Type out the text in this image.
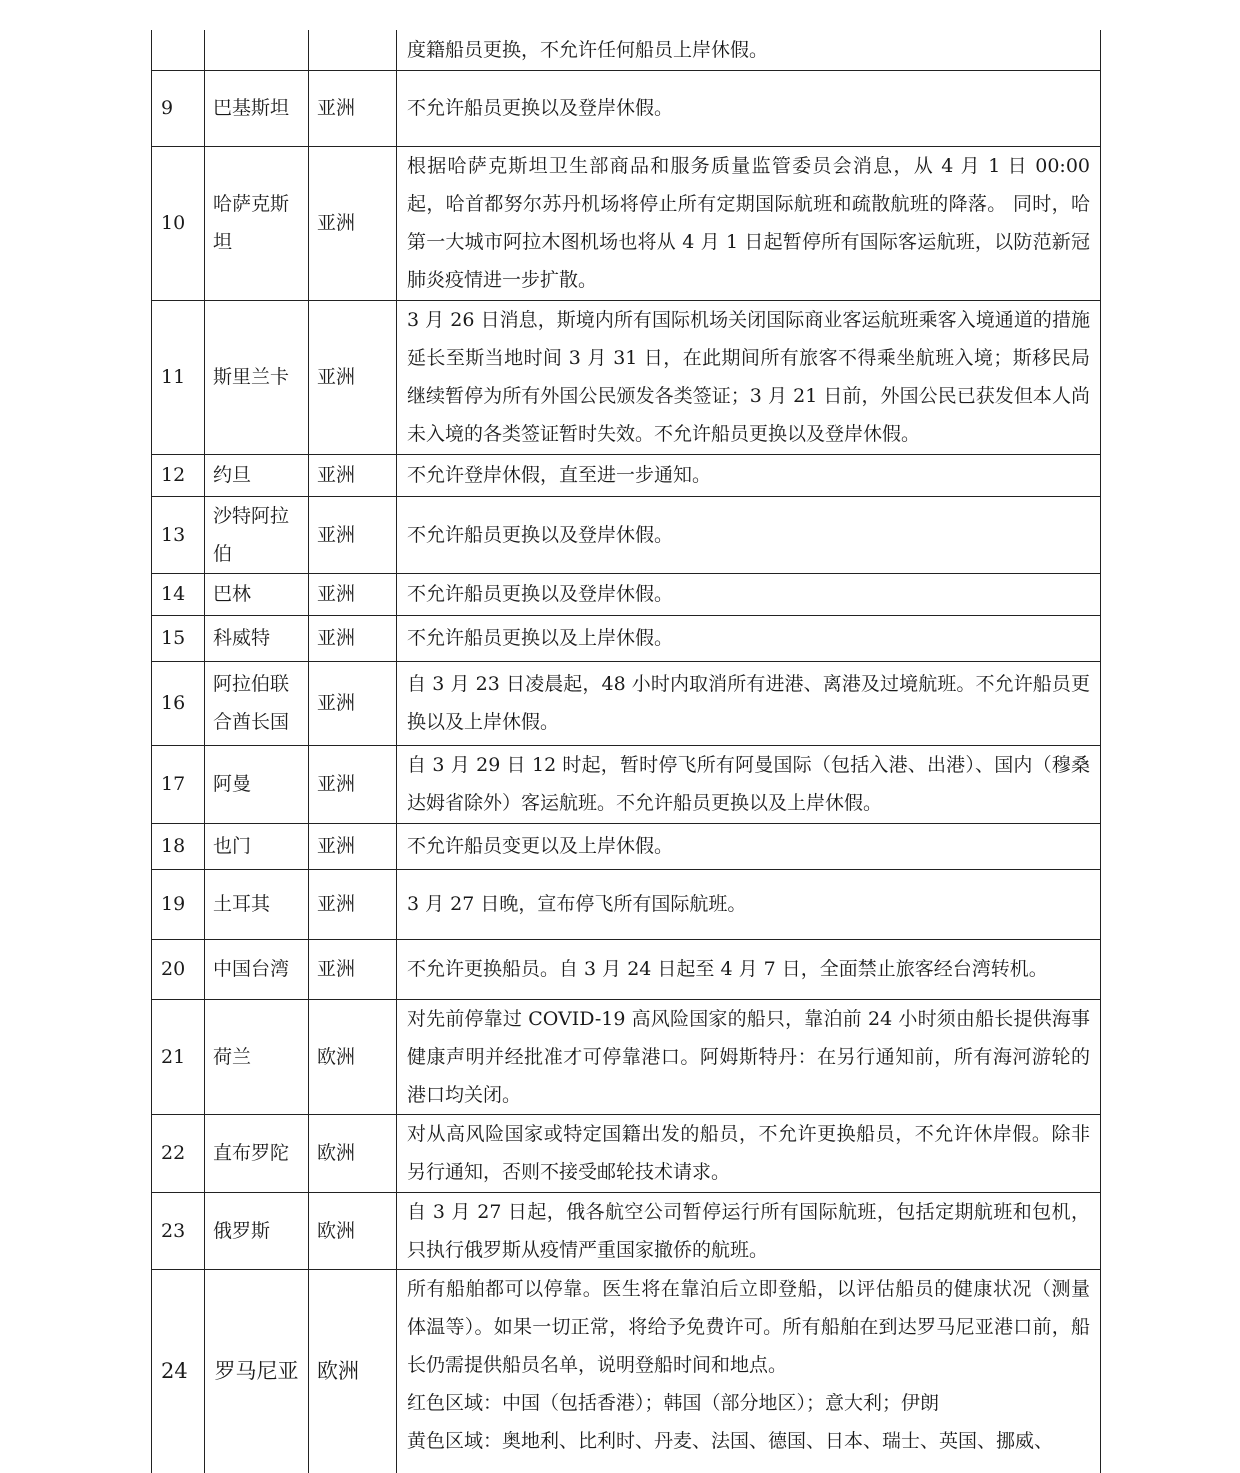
			度籍船员更换，不允许任何船员上岸休假。
9	巴基斯坦	亚洲	不允许船员更换以及登岸休假。
10	哈萨克斯坦	亚洲	根据哈萨克斯坦卫生部商品和服务质量监管委员会消息，从 4 月 1 日 00:00 起，哈首都努尔苏丹机场将停止所有定期国际航班和疏散航班的降落。 同时，哈第一大城市阿拉木图机场也将从 4 月 1 日起暂停所有国际客运航班，以防范新冠肺炎疫情进一步扩散。
11	斯里兰卡	亚洲	3 月 26 日消息，斯境内所有国际机场关闭国际商业客运航班乘客入境通道的措施延长至斯当地时间 3 月 31 日，在此期间所有旅客不得乘坐航班入境；斯移民局继续暂停为所有外国公民颁发各类签证；3 月 21 日前，外国公民已获发但本人尚未入境的各类签证暂时失效。不允许船员更换以及登岸休假。
12	约旦	亚洲	不允许登岸休假，直至进一步通知。
13	沙特阿拉伯	亚洲	不允许船员更换以及登岸休假。
14	巴林	亚洲	不允许船员更换以及登岸休假。
15	科威特	亚洲	不允许船员更换以及上岸休假。
16	阿拉伯联合酋长国	亚洲	自 3 月 23 日凌晨起，48 小时内取消所有进港、离港及过境航班。不允许船员更换以及上岸休假。
17	阿曼	亚洲	自 3 月 29 日 12 时起，暂时停飞所有阿曼国际（包括入港、出港）、国内（穆桑达姆省除外）客运航班。不允许船员更换以及上岸休假。
18	也门	亚洲	不允许船员变更以及上岸休假。
19	土耳其	亚洲	3 月 27 日晚，宣布停飞所有国际航班。
20	中国台湾	亚洲	不允许更换船员。自 3 月 24 日起至 4 月 7 日，全面禁止旅客经台湾转机。
21	荷兰	欧洲	对先前停靠过 COVID-19 高风险国家的船只，靠泊前 24 小时须由船长提供海事健康声明并经批准才可停靠港口。阿姆斯特丹：在另行通知前，所有海河游轮的港口均关闭。
22	直布罗陀	欧洲	对从高风险国家或特定国籍出发的船员，不允许更换船员，不允许休岸假。除非另行通知，否则不接受邮轮技术请求。
23	俄罗斯	欧洲	自 3 月 27 日起，俄各航空公司暂停运行所有国际航班，包括定期航班和包机，只执行俄罗斯从疫情严重国家撤侨的航班。
24	罗马尼亚	欧洲	所有船舶都可以停靠。医生将在靠泊后立即登船，以评估船员的健康状况（测量体温等）。如果一切正常，将给予免费许可。所有船舶在到达罗马尼亚港口前，船长仍需提供船员名单，说明登船时间和地点。
红色区域：中国（包括香港）；韩国（部分地区）；意大利；伊朗
黄色区域：奥地利、比利时、丹麦、法国、德国、日本、瑞士、英国、挪威、
